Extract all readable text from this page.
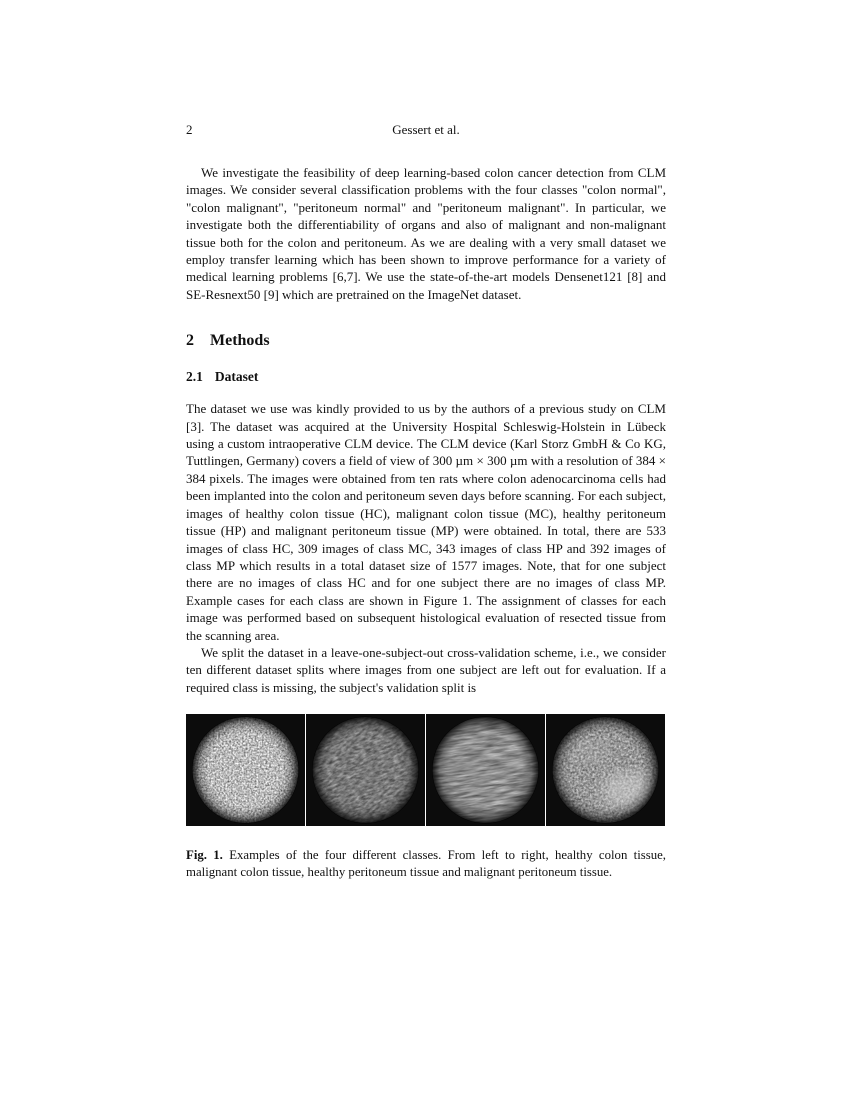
2	Gessert et al.

We investigate the feasibility of deep learning-based colon cancer detection from CLM images. We consider several classification problems with the four classes "colon normal", "colon malignant", "peritoneum normal" and "peritoneum malignant". In particular, we investigate both the differentiability of organs and also of malignant and non-malignant tissue both for the colon and peritoneum. As we are dealing with a very small dataset we employ transfer learning which has been shown to improve performance for a variety of medical learning problems [6,7]. We use the state-of-the-art models Densenet121 [8] and SE-Resnext50 [9] which are pretrained on the ImageNet dataset.

2 Methods
2.1 Dataset

The dataset we use was kindly provided to us by the authors of a previous study on CLM [3]. The dataset was acquired at the University Hospital Schleswig-Holstein in Lübeck using a custom intraoperative CLM device. The CLM device (Karl Storz GmbH & Co KG, Tuttlingen, Germany) covers a field of view of 300 µm × 300 µm with a resolution of 384 × 384 pixels. The images were obtained from ten rats where colon adenocarcinoma cells had been implanted into the colon and peritoneum seven days before scanning. For each subject, images of healthy colon tissue (HC), malignant colon tissue (MC), healthy peritoneum tissue (HP) and malignant peritoneum tissue (MP) were obtained. In total, there are 533 images of class HC, 309 images of class MC, 343 images of class HP and 392 images of class MP which results in a total dataset size of 1577 images. Note, that for one subject there are no images of class HC and for one subject there are no images of class MP. Example cases for each class are shown in Figure 1. The assignment of classes for each image was performed based on subsequent histological evaluation of resected tissue from the scanning area.

We split the dataset in a leave-one-subject-out cross-validation scheme, i.e., we consider ten different dataset splits where images from one subject are left out for evaluation. If a required class is missing, the subject's validation split is

Fig. 1. Examples of the four different classes. From left to right, healthy colon tissue, malignant colon tissue, healthy peritoneum tissue and malignant peritoneum tissue.
